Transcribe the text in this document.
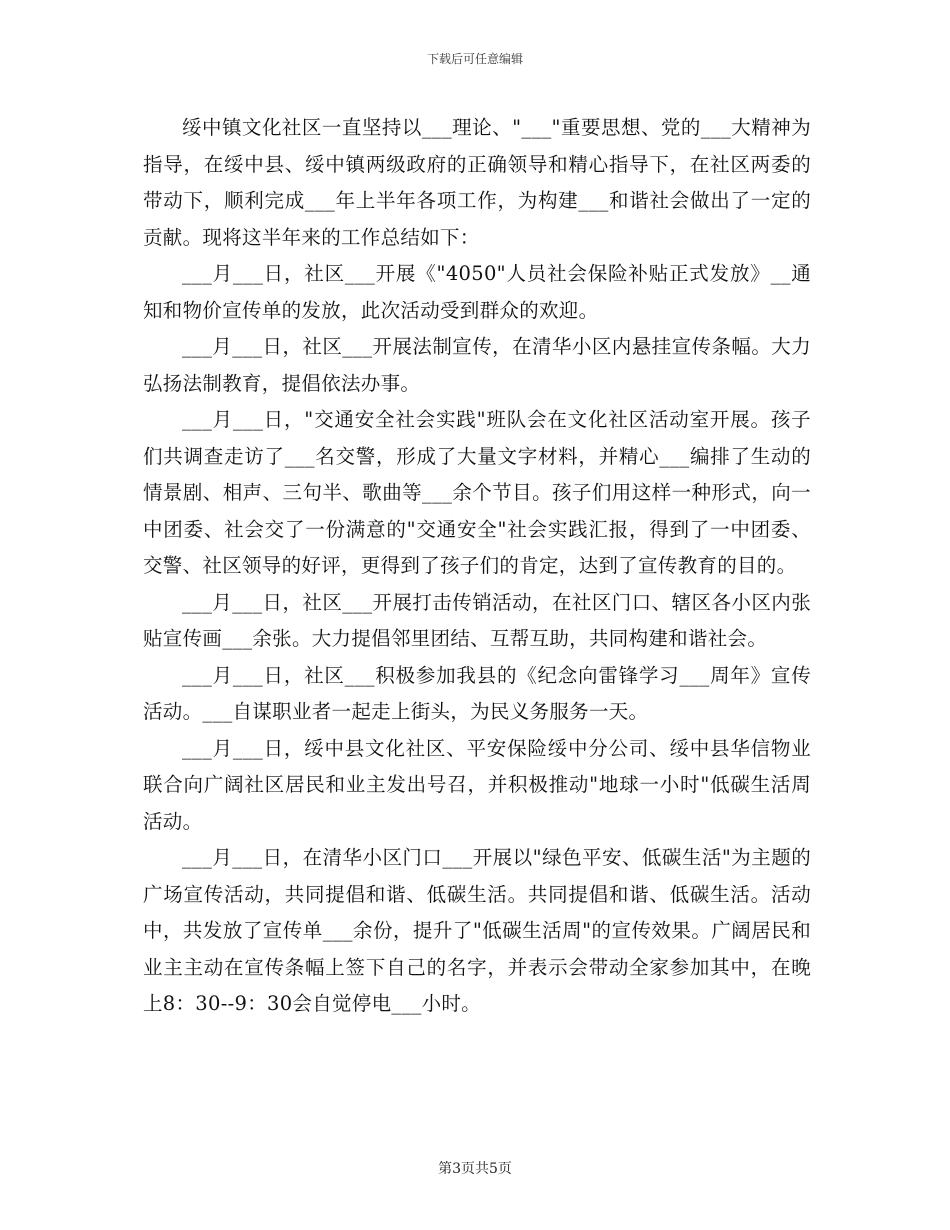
下载后可任意编辑

绥中镇文化社区一直坚持以___理论、"___"重要思想、党的___大精神为指导，在绥中县、绥中镇两级政府的正确领导和精心指导下，在社区两委的带动下，顺利完成___年上半年各项工作，为构建___和谐社会做出了一定的贡献。现将这半年来的工作总结如下：

___月___日，社区___开展《"4050"人员社会保险补贴正式发放》__通知和物价宣传单的发放，此次活动受到群众的欢迎。

___月___日，社区___开展法制宣传，在清华小区内悬挂宣传条幅。大力弘扬法制教育，提倡依法办事。

___月___日，"交通安全社会实践"班队会在文化社区活动室开展。孩子们共调查走访了___名交警，形成了大量文字材料，并精心___编排了生动的情景剧、相声、三句半、歌曲等___余个节目。孩子们用这样一种形式，向一中团委、社会交了一份满意的"交通安全"社会实践汇报，得到了一中团委、交警、社区领导的好评，更得到了孩子们的肯定，达到了宣传教育的目的。

___月___日，社区___开展打击传销活动，在社区门口、辖区各小区内张贴宣传画___余张。大力提倡邻里团结、互帮互助，共同构建和谐社会。

___月___日，社区___积极参加我县的《纪念向雷锋学习___周年》宣传活动。___自谋职业者一起走上街头，为民义务服务一天。

___月___日，绥中县文化社区、平安保险绥中分公司、绥中县华信物业联合向广阔社区居民和业主发出号召，并积极推动"地球一小时"低碳生活周活动。

___月___日，在清华小区门口___开展以"绿色平安、低碳生活"为主题的广场宣传活动，共同提倡和谐、低碳生活。共同提倡和谐、低碳生活。活动中，共发放了宣传单___余份，提升了"低碳生活周"的宣传效果。广阔居民和业主主动在宣传条幅上签下自己的名字，并表示会带动全家参加其中，在晚上8：30--9：30会自觉停电___小时。

第3页共5页
